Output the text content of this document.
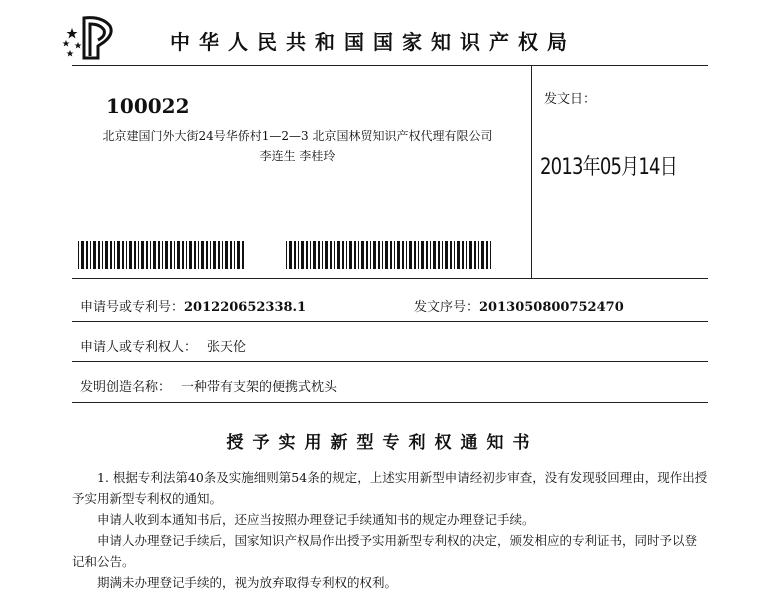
中华人民共和国国家知识产权局
100022
北京建国门外大街24号华侨村1—2—3 北京国林贸知识产权代理有限公司
李连生 李桂玲
发文日：
2013年05月14日
申请号或专利号：201220652338.1	发文序号：2013050800752470
申请人或专利权人： 张天伦
发明创造名称： 一种带有支架的便携式枕头
授予实用新型专利权通知书

1. 根据专利法第40条及实施细则第54条的规定，上述实用新型申请经初步审查，没有发现驳回理由，现作出授予实用新型专利权的通知。

申请人收到本通知书后，还应当按照办理登记手续通知书的规定办理登记手续。

申请人办理登记手续后，国家知识产权局作出授予实用新型专利权的决定，颁发相应的专利证书，同时予以登记和公告。

期满未办理登记手续的，视为放弃取得专利权的权利。
